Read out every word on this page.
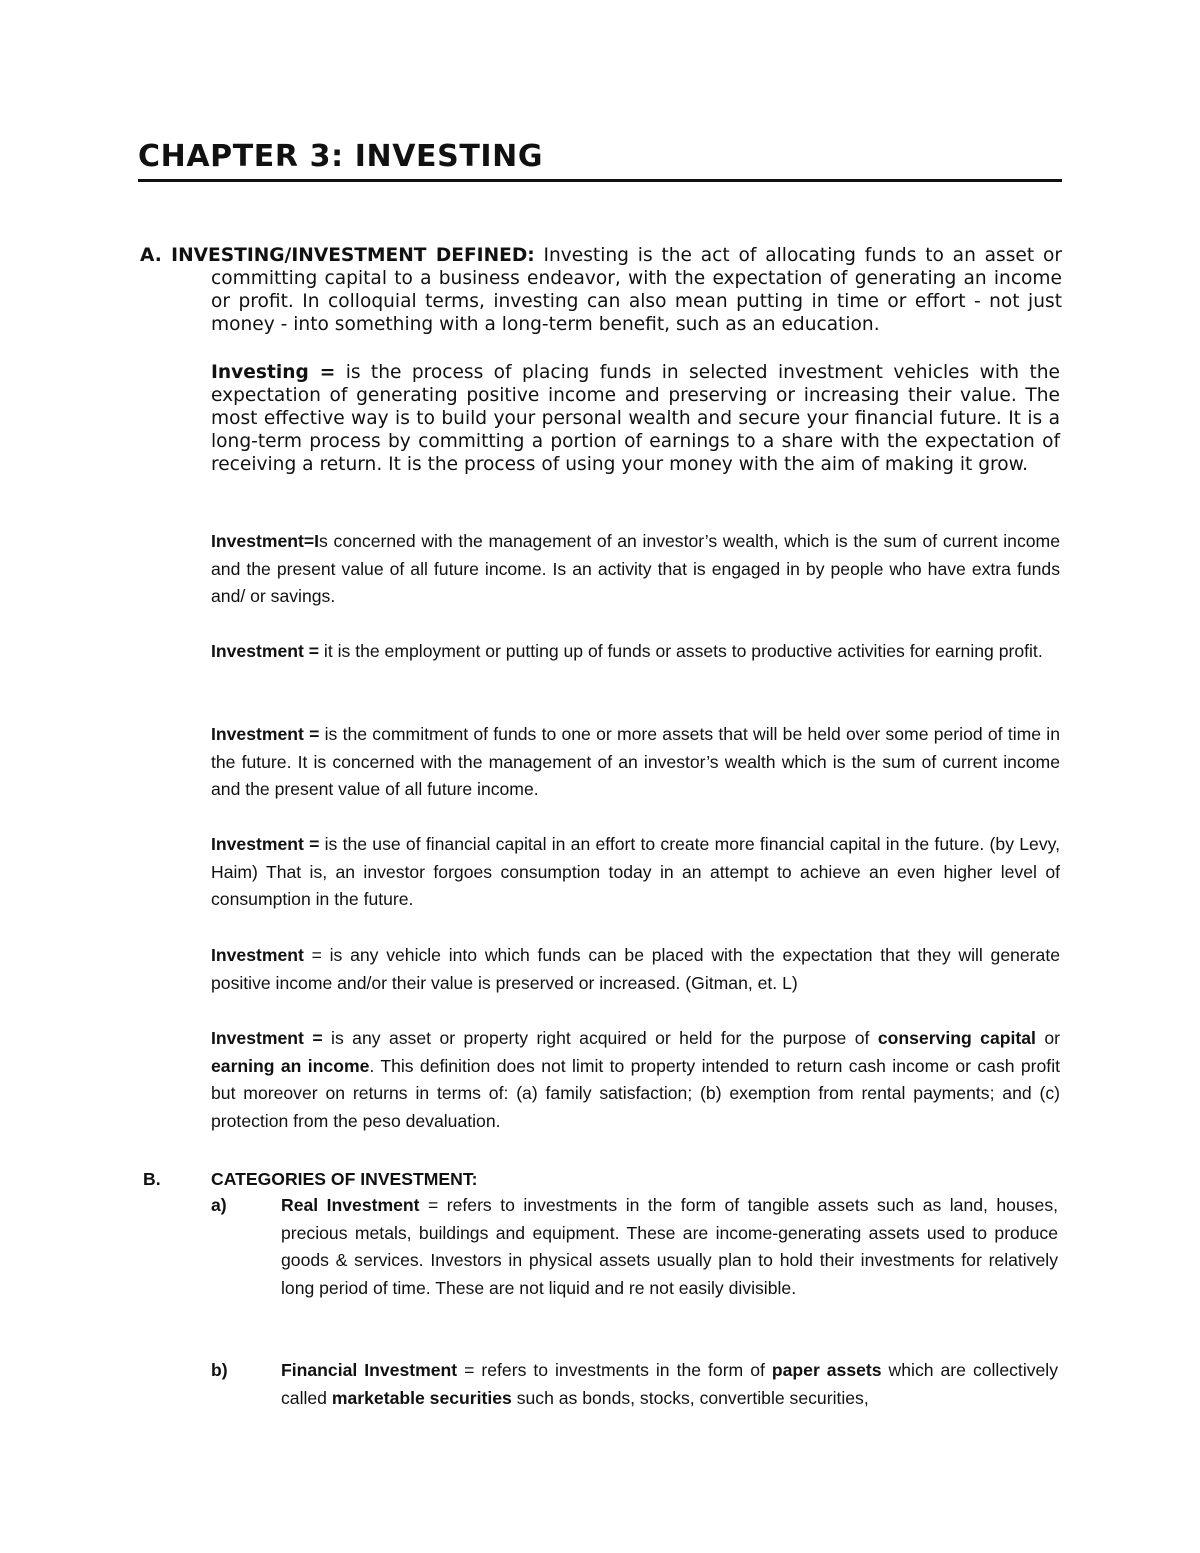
CHAPTER 3: INVESTING

A. INVESTING/INVESTMENT DEFINED: Investing is the act of allocating funds to an asset or committing capital to a business endeavor, with the expectation of generating an income or profit. In colloquial terms, investing can also mean putting in time or effort - not just money - into something with a long-term benefit, such as an education.

Investing = is the process of placing funds in selected investment vehicles with the expectation of generating positive income and preserving or increasing their value. The most effective way is to build your personal wealth and secure your financial future. It is a long-term process by committing a portion of earnings to a share with the expectation of receiving a return. It is the process of using your money with the aim of making it grow.

Investment=Is concerned with the management of an investor’s wealth, which is the sum of current income and the present value of all future income. Is an activity that is engaged in by people who have extra funds and/ or savings.

Investment = it is the employment or putting up of funds or assets to productive activities for earning profit.

Investment = is the commitment of funds to one or more assets that will be held over some period of time in the future. It is concerned with the management of an investor’s wealth which is the sum of current income and the present value of all future income.

Investment = is the use of financial capital in an effort to create more financial capital in the future. (by Levy, Haim) That is, an investor forgoes consumption today in an attempt to achieve an even higher level of consumption in the future.

Investment = is any vehicle into which funds can be placed with the expectation that they will generate positive income and/or their value is preserved or increased. (Gitman, et. L)

Investment = is any asset or property right acquired or held for the purpose of conserving capital or earning an income. This definition does not limit to property intended to return cash income or cash profit but moreover on returns in terms of: (a) family satisfaction; (b) exemption from rental payments; and (c) protection from the peso devaluation.

B.	CATEGORIES OF INVESTMENT:
a)	Real Investment = refers to investments in the form of tangible assets such as land, houses, precious metals, buildings and equipment. These are income-generating assets used to produce goods & services. Investors in physical assets usually plan to hold their investments for relatively long period of time. These are not liquid and re not easily divisible.

b)	Financial Investment = refers to investments in the form of paper assets which are collectively called marketable securities such as bonds, stocks, convertible securities,
